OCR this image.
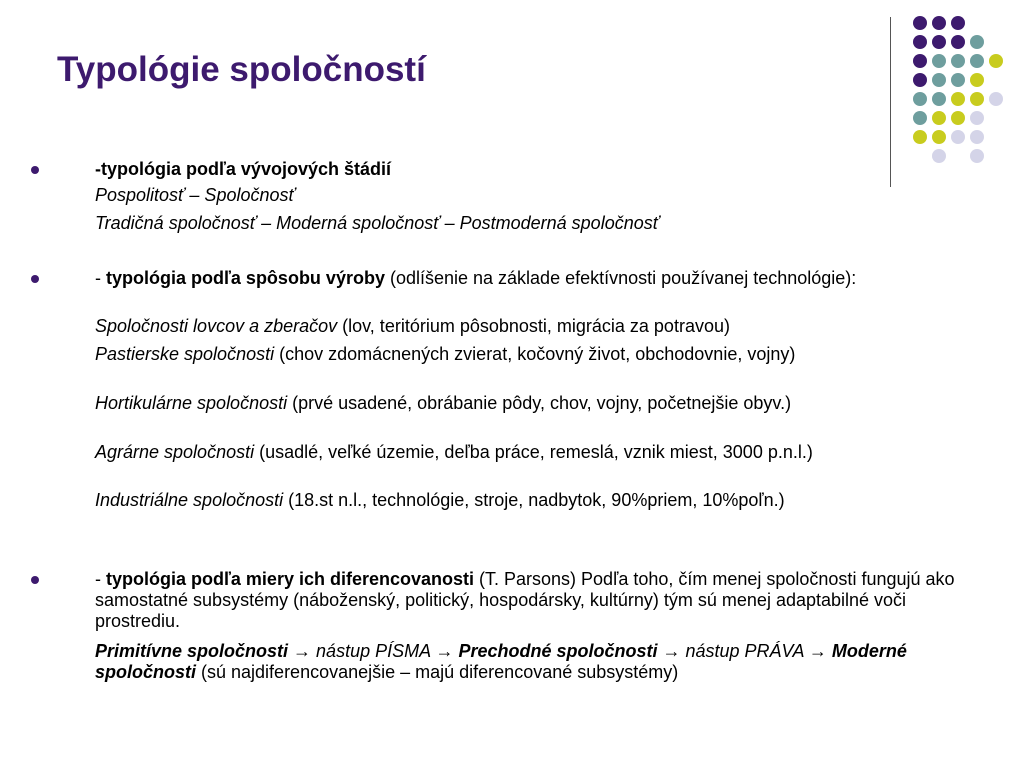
Typológie spoločností
-typológia podľa vývojových štádií
Pospolitosť – Spoločnosť
Tradičná spoločnosť – Moderná spoločnosť – Postmoderná spoločnosť
- typológia podľa spôsobu výroby (odlíšenie na základe efektívnosti používanej technológie):
Spoločnosti lovcov a zberačov (lov, teritórium pôsobnosti, migrácia za potravou)
Pastierske spoločnosti (chov zdomácnených zvierat, kočovný život, obchodovnie, vojny)
Hortikulárne spoločnosti (prvé usadené, obrábanie pôdy, chov, vojny, početnejšie obyv.)
Agrárne spoločnosti (usadlé, veľké územie, deľba práce, remeslá, vznik miest, 3000 p.n.l.)
Industriálne spoločnosti (18.st n.l., technológie, stroje, nadbytok, 90%priem, 10%poľn.)
- typológia podľa miery ich diferencovanosti (T. Parsons) Podľa toho, čím menej spoločnosti fungujú ako samostatné subsystémy (náboženský, politický, hospodársky, kultúrny) tým sú menej adaptabilné voči prostrediu.
Primitívne spoločnosti → nástup PÍSMA → Prechodné spoločnosti → nástup PRÁVA → Moderné spoločnosti (sú najdiferencovanejšie – majú diferencované subsystémy)
